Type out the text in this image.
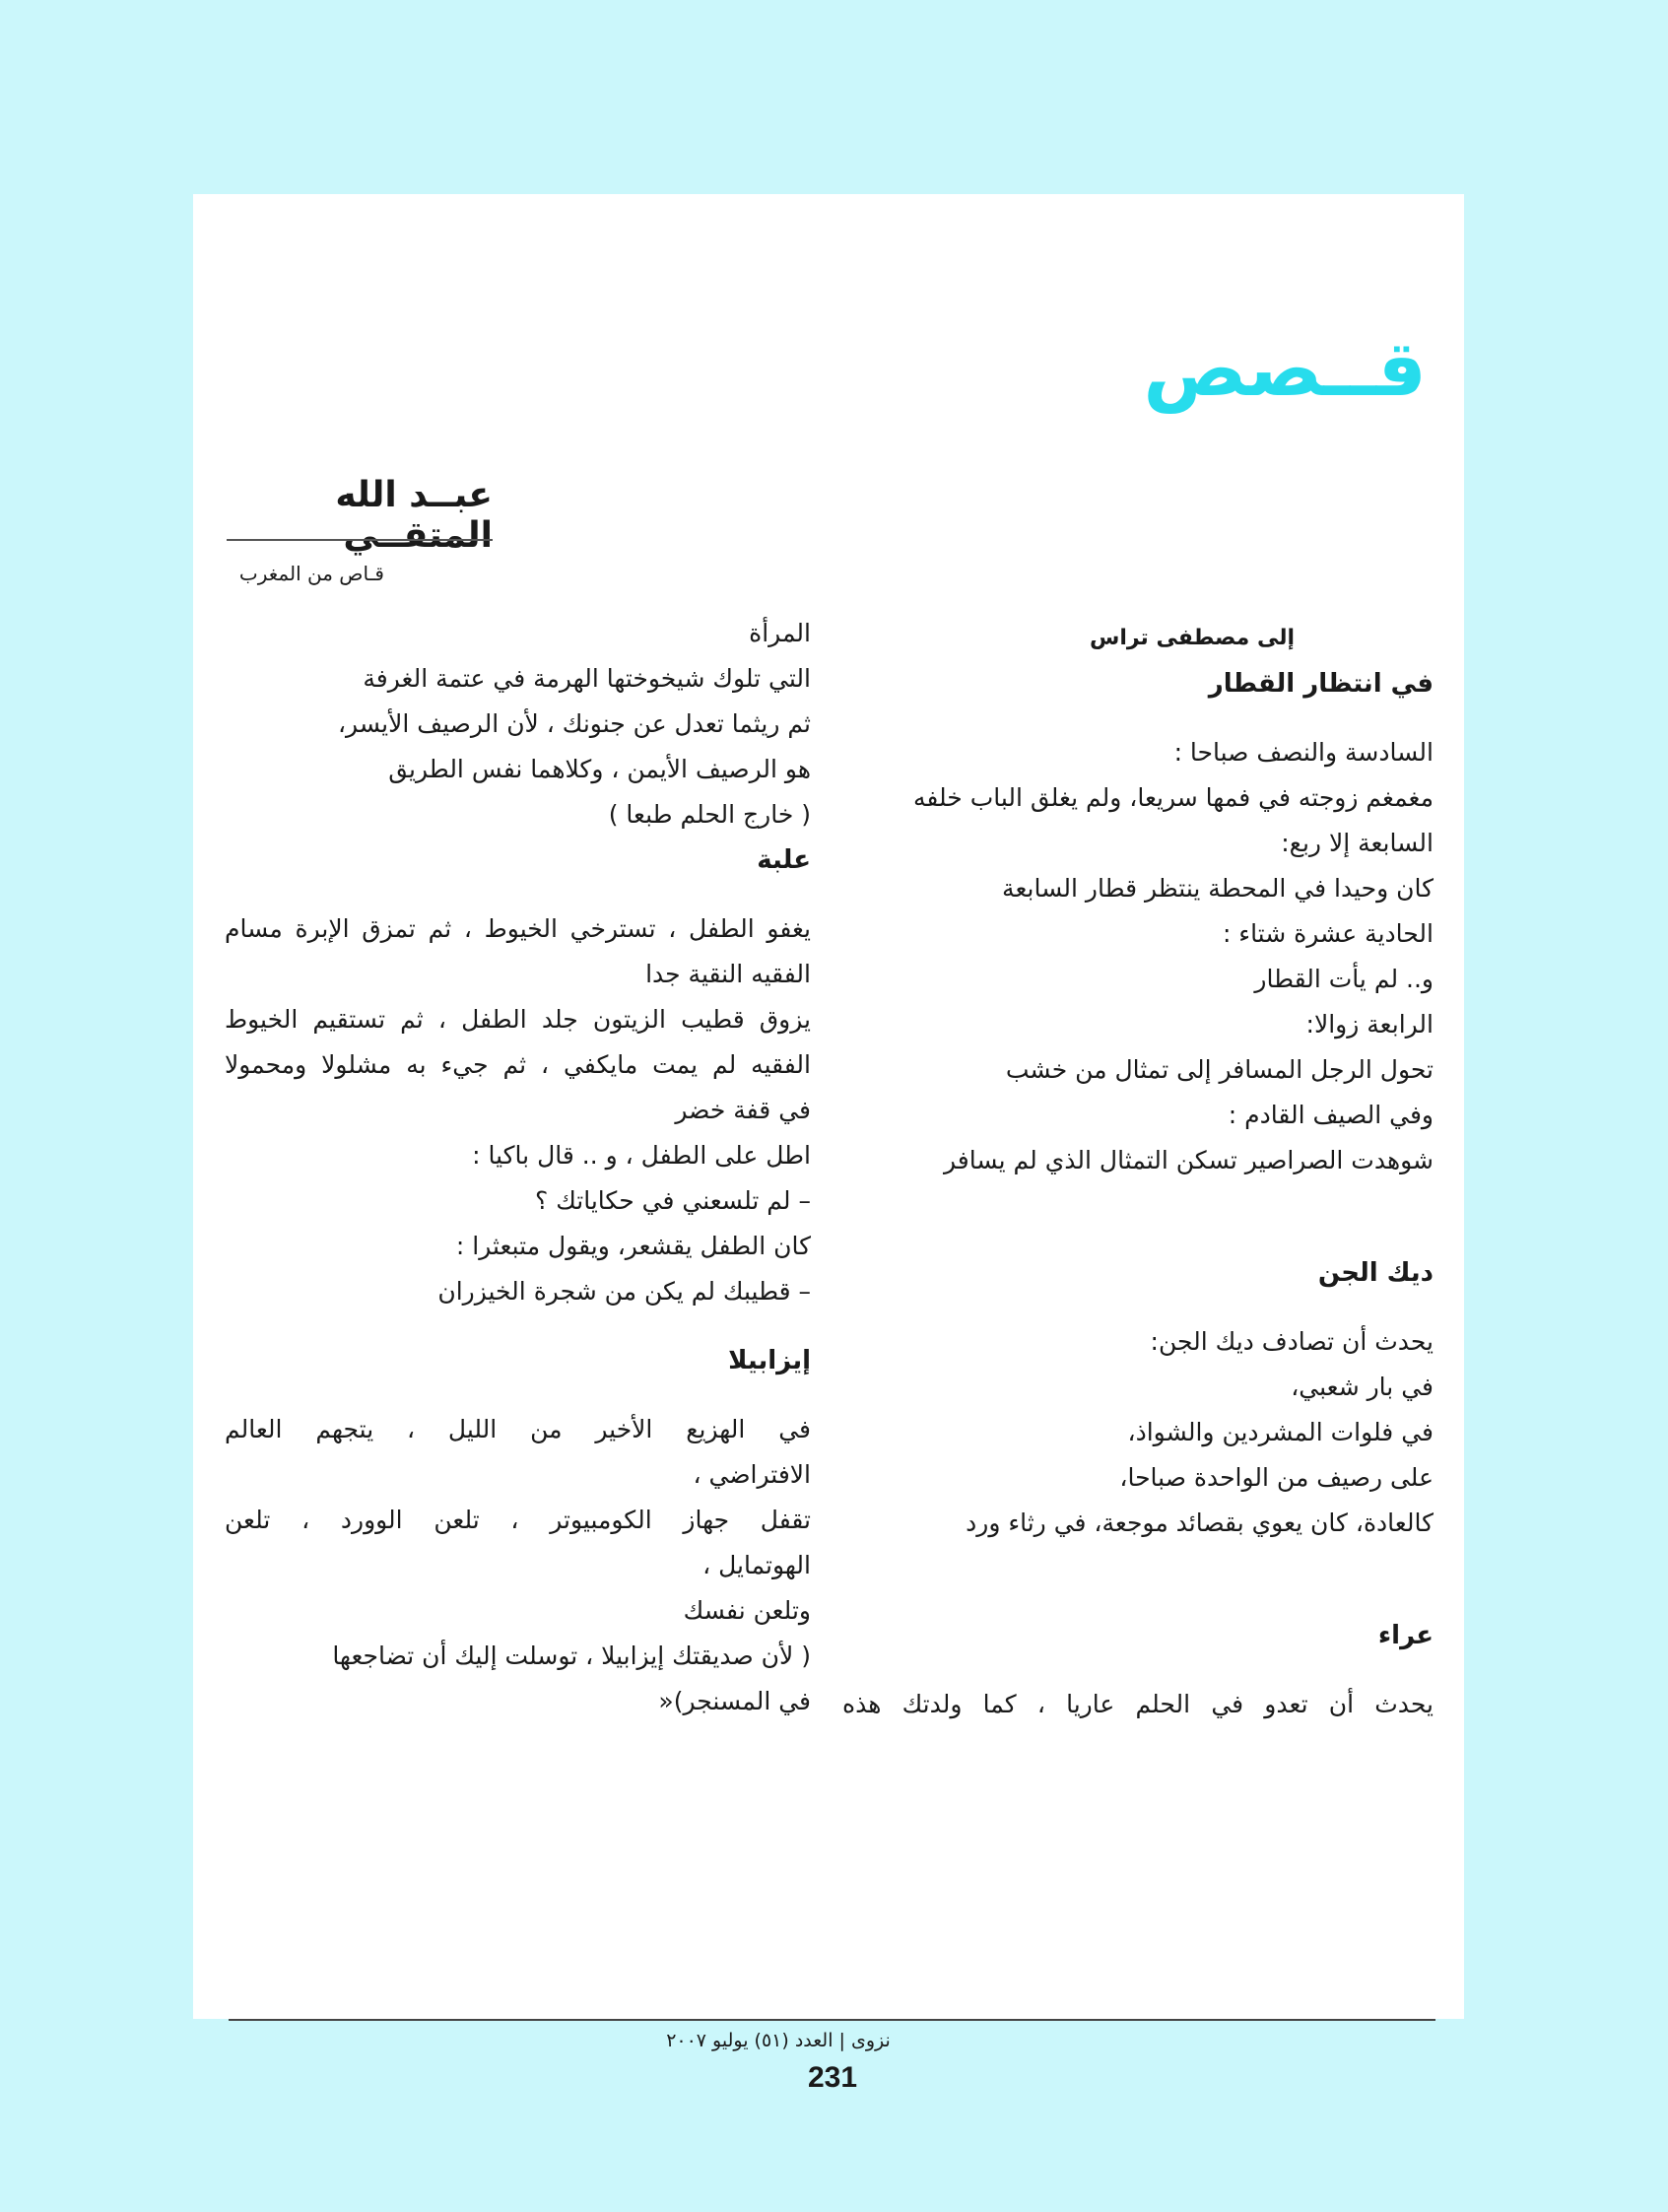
قــصص
عبــد الله المتقــي
قـاص من المغرب
إلى مصطفى تراس
في انتظار القطار
السادسة والنصف صباحا :
مغمغم زوجته في فمها سريعا، ولم يغلق الباب خلفه
السابعة إلا ربع:
كان وحيدا في المحطة ينتظر قطار السابعة
الحادية عشرة شتاء :
و.. لم يأت القطار
الرابعة زوالا:
تحول الرجل المسافر إلى تمثال من خشب
وفي الصيف القادم :
شوهدت الصراصير تسكن التمثال الذي لم يسافر
ديك الجن
يحدث أن تصادف ديك الجن:
في بار شعبي،
في فلوات المشردين والشواذ،
على رصيف من الواحدة صباحا،
كالعادة، كان يعوي بقصائد موجعة، في رثاء ورد
عراء
يحدث أن تعدو في الحلم عاريا ، كما ولدتك هذه
المرأة
التي تلوك شيخوختها الهرمة في عتمة الغرفة
ثم ريثما تعدل عن جنونك ، لأن الرصيف الأيسر،
هو الرصيف الأيمن ، وكلاهما نفس الطريق
( خارج الحلم طبعا )
علبة
يغفو الطفل ، تسترخي الخيوط ، ثم تمزق الإبرة مسام
الفقيه النقية جدا
يزوق قطيب الزيتون جلد الطفل ، ثم تستقيم الخيوط
الفقيه لم يمت مايكفي ، ثم جيء به مشلولا ومحمولا
في قفة خضر
اطل على الطفل ، و .. قال باكيا :
– لم تلسعني في حكاياتك ؟
كان الطفل يقشعر، ويقول متبعثرا :
– قطيبك لم يكن من شجرة الخيزران
إيزابيلا
في الهزيع الأخير من الليل ، يتجهم العالم
الافتراضي ،
تقفل جهاز الكومبيوتر ، تلعن الوورد ، تلعن
الهوتمايل ،
وتلعن نفسك
( لأن صديقتك إيزابيلا ، توسلت إليك أن تضاجعها
في المسنجر)«
نزوى | العدد (٥١) يوليو ٢٠٠٧
231
